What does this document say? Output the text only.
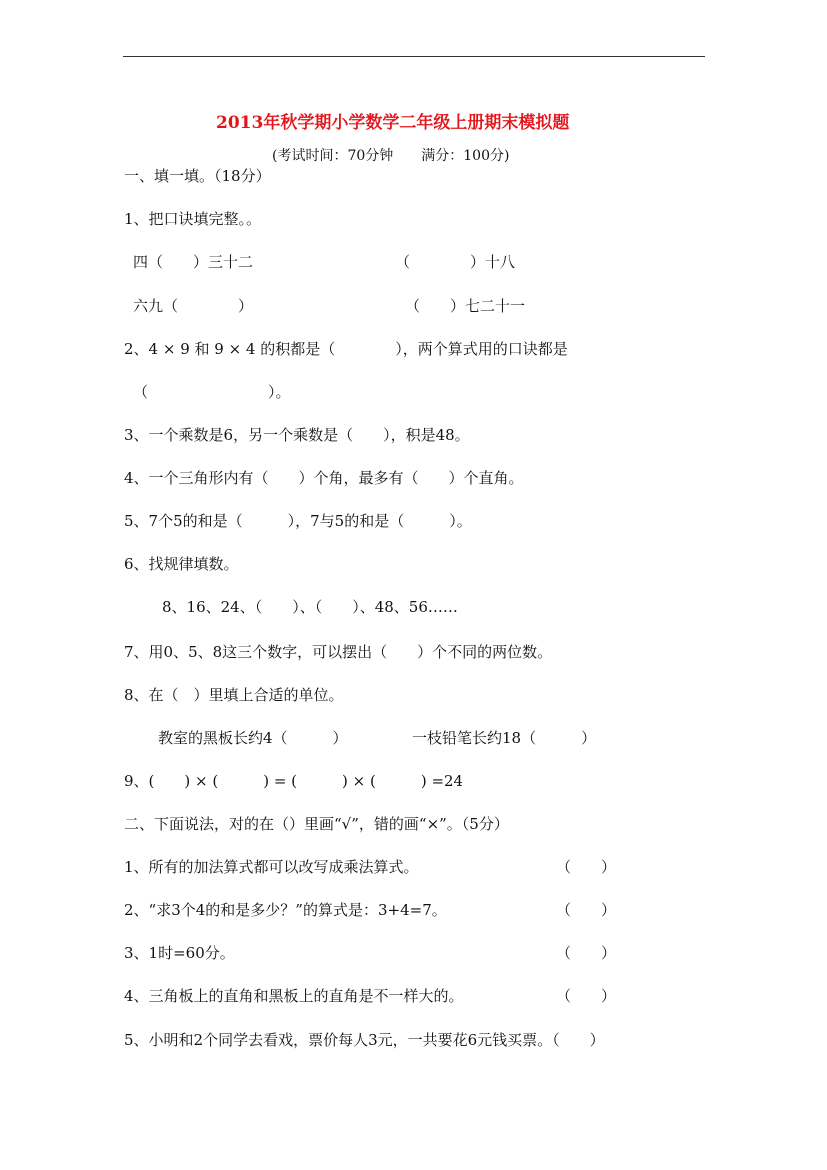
2013年秋学期小学数学二年级上册期末模拟题
(考试时间：70分钟　　满分：100分)
一、填一填。（18分）
1、把口诀填完整。。
四（　　）三十二	（　　　　）十八
六九（　　　　）	（　　）七二十一
2、4 × 9 和 9 × 4 的积都是（　　　　），两个算式用的口诀都是
（　　　　　　　　）。
3、一个乘数是6，另一个乘数是（　　），积是48。
4、一个三角形内有（　　）个角，最多有（　　）个直角。
5、7个5的和是（　　　），7与5的和是（　　　）。
6、找规律填数。
8、16、24、（　　）、（　　）、48、56……
7、用0、5、8这三个数字，可以摆出（　　）个不同的两位数。
8、在（　）里填上合适的单位。
教室的黑板长约4（　　　）	一枝铅笔长约18（　　　）
9、(　　) × (　　　) = (　　　) × (　　　) =24
二、下面说法，对的在（）里画“√”，错的画“×”。（5分）
1、所有的加法算式都可以改写成乘法算式。	（　　）
2、“求3个4的和是多少？”的算式是：3+4=7。	（　　）
3、1时=60分。	（　　）
4、三角板上的直角和黑板上的直角是不一样大的。	（　　）
5、小明和2个同学去看戏，票价每人3元，一共要花6元钱买票。（　　）
